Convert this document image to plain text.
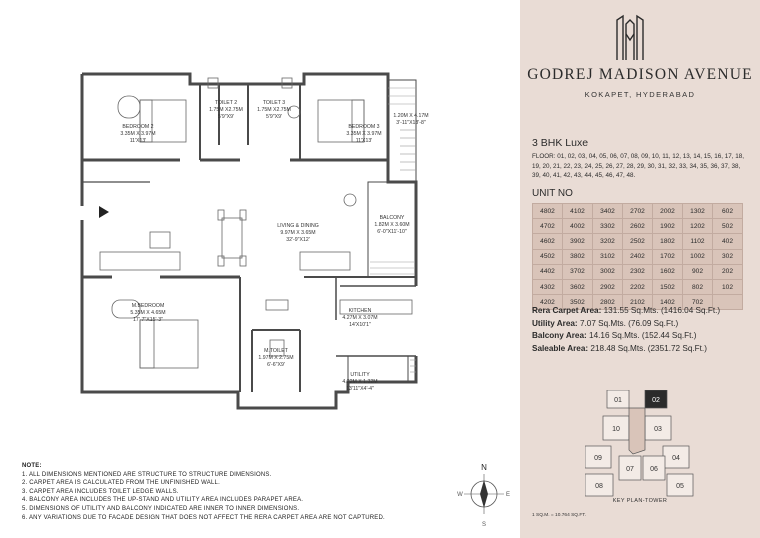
BEDROOM 2
3.35M X 3.97M
11'X13'
TOILET 2
1.75M X2.75M
5'9"X9'
TOILET 3
1.75M X2.75M
5'9"X9'
BEDROOM 3
3.35M X 3.97M
11'X13'
1.20M X 4.17M
3'-11"X13'-8"
LIVING & DINING
9.97M X 3.65M
32'-9"X12'
BALCONY
1.82M X 3.60M
6'-0"X11'-10"
M.BEDROOM
5.35M X 4.65M
17'-7"X15'-3"
KITCHEN
4.27M X 3.07M
14'X10'1"
M.TOILET
1.97M X 2.75M
6'-6"X9'
UTILITY
4.22M X 1.32M
13'11"X4'-4"
NOTE:
1. ALL DIMENSIONS MENTIONED ARE STRUCTURE TO STRUCTURE DIMENSIONS.
2. CARPET AREA IS CALCULATED FROM THE UNFINISHED WALL.
3. CARPET AREA INCLUDES TOILET LEDGE WALLS.
4. BALCONY AREA INCLUDES THE UP-STAND AND UTILITY AREA INCLUDES PARAPET AREA.
5. DIMENSIONS OF UTILITY AND BALCONY INDICATED ARE INNER TO INNER DIMENSIONS.
6. ANY VARIATIONS DUE TO FACADE DESIGN THAT DOES NOT AFFECT THE RERA CARPET AREA ARE NOT CAPTURED.
N
S
E
W
GODREJ MADISON AVENUE
KOKAPET, HYDERABAD
3 BHK Luxe
FLOOR: 01, 02, 03, 04, 05, 06, 07, 08, 09, 10, 11, 12, 13, 14, 15, 16, 17, 18, 19, 20, 21, 22, 23, 24, 25, 26, 27, 28, 29, 30, 31, 32, 33, 34, 35, 36, 37, 38, 39, 40, 41, 42, 43, 44, 45, 46, 47, 48.
UNIT NO
4802	4102	3402	2702	2002	1302	602
4702	4002	3302	2602	1902	1202	502
4602	3902	3202	2502	1802	1102	402
4502	3802	3102	2402	1702	1002	302
4402	3702	3002	2302	1602	902	202
4302	3602	2902	2202	1502	802	102
4202	3502	2802	2102	1402	702	
Rera Carpet Area: 131.55 Sq.Mts. (1416.04 Sq.Ft.)
Utility Area: 7.07 Sq.Mts. (76.09 Sq.Ft.)
Balcony Area: 14.16 Sq.Mts. (152.44 Sq.Ft.)
Saleable Area: 218.48 Sq.Mts. (2351.72 Sq.Ft.)
01	02
10	03
09	04
07 06
08	05
KEY PLAN-TOWER
1 SQ.M. = 10.764 SQ.FT.
